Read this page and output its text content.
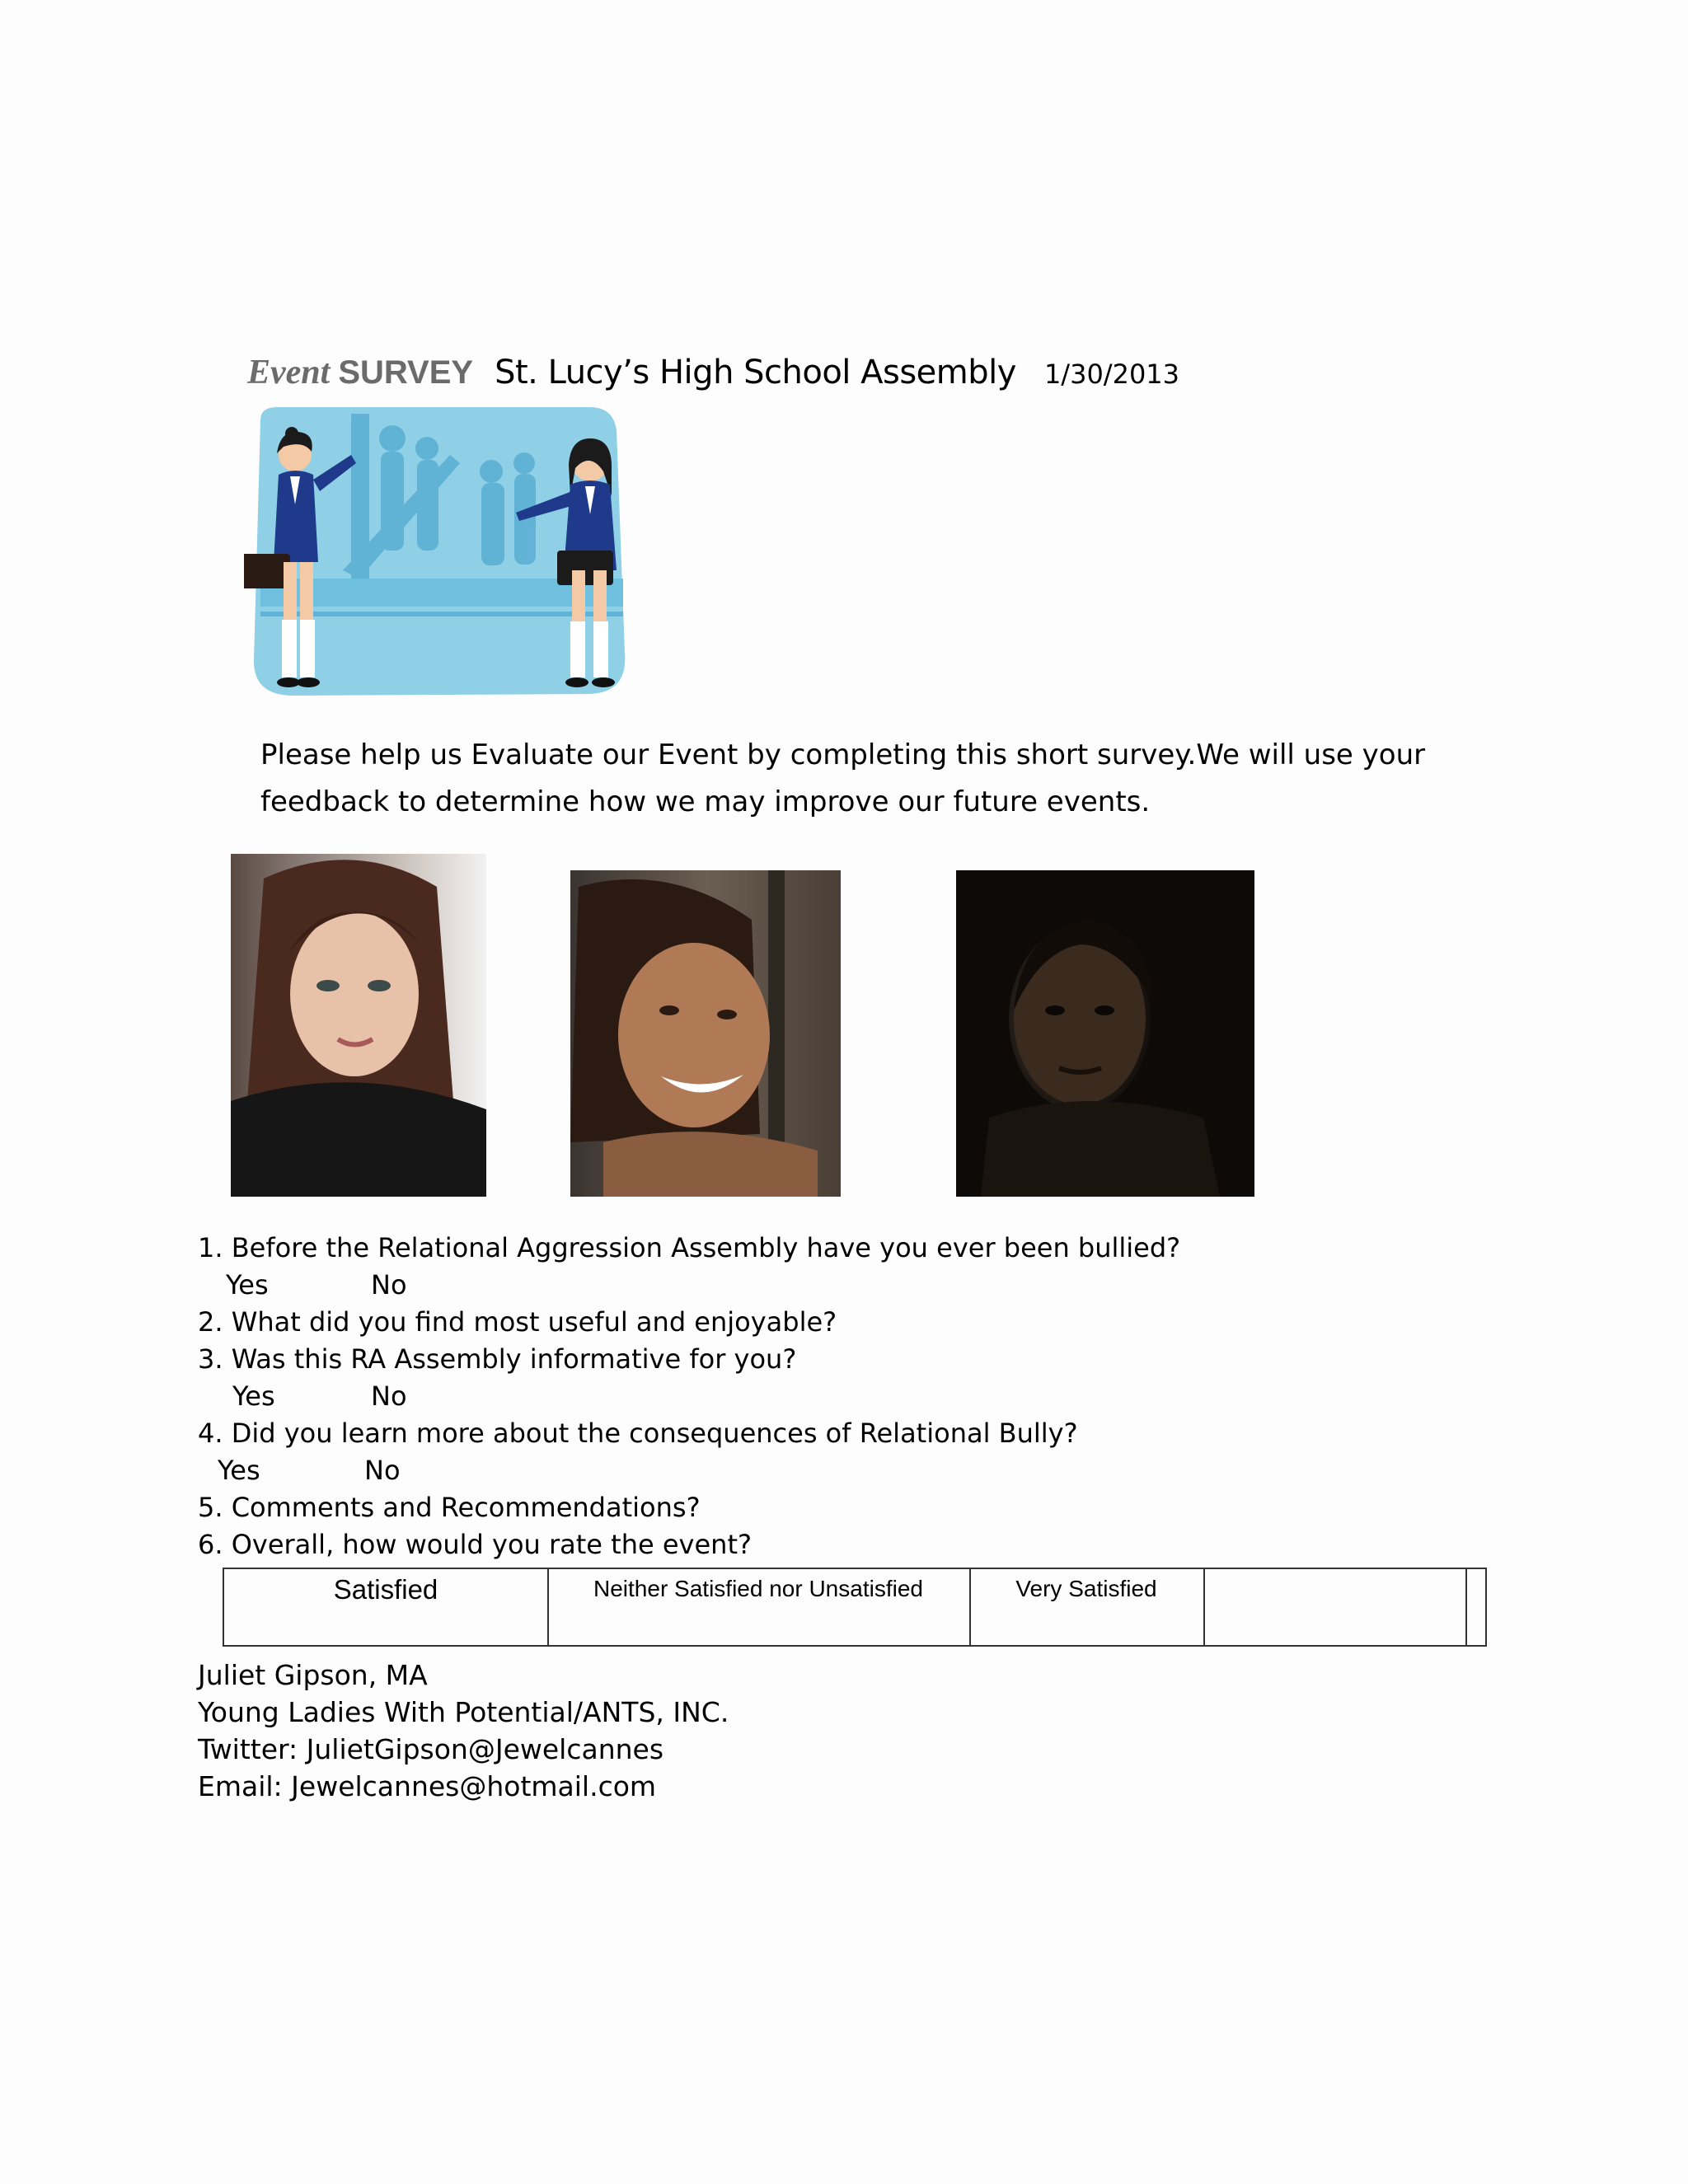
Event SURVEY St. Lucy’s High School Assembly 1/30/2013
Please help us Evaluate our Event by completing this short survey.We will use your
feedback to determine how we may improve our future events.
1. Before the Relational Aggression Assembly have you ever been bullied?
Yes	No
2. What did you find most useful and enjoyable?
3. Was this RA Assembly informative for you?
Yes	No
4. Did you learn more about the consequences of Relational Bully?
Yes	No
5. Comments and Recommendations?
6. Overall, how would you rate the event?
Satisfied	Neither Satisfied nor Unsatisfied	Very Satisfied
Juliet Gipson, MA
Young Ladies With Potential/ANTS, INC.
Twitter: JulietGipson@Jewelcannes
Email: Jewelcannes@hotmail.com
